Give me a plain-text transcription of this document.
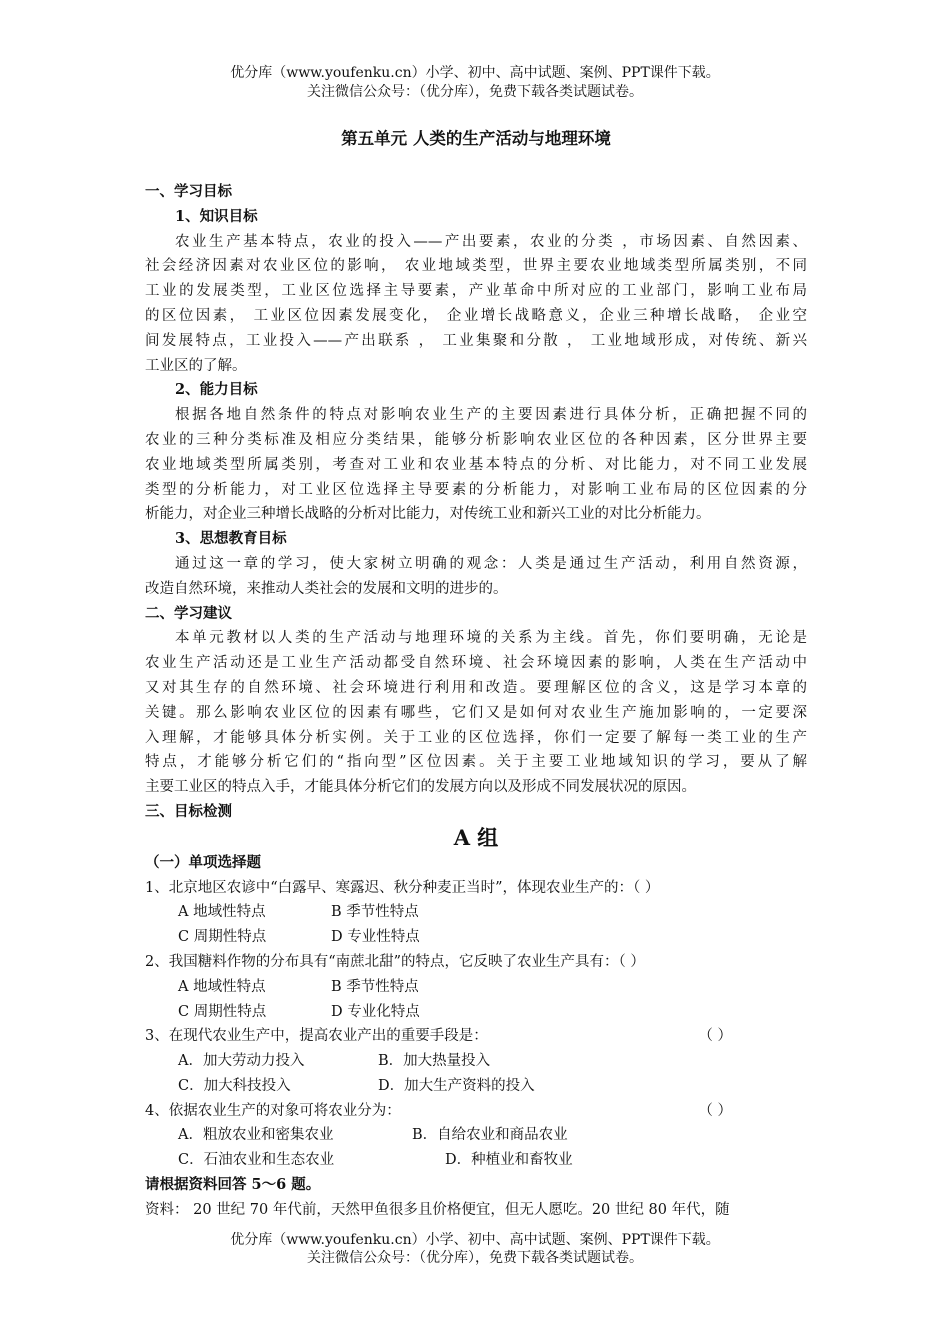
优分库（www.youfenku.cn）小学、初中、高中试题、案例、PPT课件下载。
关注微信公众号：（优分库），免费下载各类试题试卷。
第五单元 人类的生产活动与地理环境
一、学习目标
1、知识目标
农业生产基本特点，农业的投入——产出要素，农业的分类 ，市场因素、自然因素、
社会经济因素对农业区位的影响， 农业地域类型，世界主要农业地域类型所属类别，不同
工业的发展类型，工业区位选择主导要素，产业革命中所对应的工业部门，影响工业布局
的区位因素， 工业区位因素发展变化， 企业增长战略意义，企业三种增长战略， 企业空
间发展特点，工业投入——产出联系 ， 工业集聚和分散 ， 工业地域形成，对传统、新兴
工业区的了解。
2、能力目标
根据各地自然条件的特点对影响农业生产的主要因素进行具体分析，正确把握不同的
农业的三种分类标准及相应分类结果，能够分析影响农业区位的各种因素，区分世界主要
农业地域类型所属类别，考查对工业和农业基本特点的分析、对比能力，对不同工业发展
类型的分析能力，对工业区位选择主导要素的分析能力，对影响工业布局的区位因素的分
析能力，对企业三种增长战略的分析对比能力，对传统工业和新兴工业的对比分析能力。
3、思想教育目标
通过这一章的学习，使大家树立明确的观念：人类是通过生产活动，利用自然资源，
改造自然环境，来推动人类社会的发展和文明的进步的。
二、学习建议
本单元教材以人类的生产活动与地理环境的关系为主线。首先，你们要明确，无论是
农业生产活动还是工业生产活动都受自然环境、社会环境因素的影响，人类在生产活动中
又对其生存的自然环境、社会环境进行利用和改造。要理解区位的含义，这是学习本章的
关键。那么影响农业区位的因素有哪些，它们又是如何对农业生产施加影响的，一定要深
入理解，才能够具体分析实例。关于工业的区位选择，你们一定要了解每一类工业的生产
特点，才能够分析它们的“指向型”区位因素。关于主要工业地域知识的学习，要从了解
主要工业区的特点入手，才能具体分析它们的发展方向以及形成不同发展状况的原因。
三、目标检测
A 组
（一）单项选择题
1、北京地区农谚中“白露早、寒露迟、秋分种麦正当时”，体现农业生产的：（ ）
A 地域性特点	B 季节性特点
C 周期性特点	D 专业性特点
2、我国糖料作物的分布具有“南蔗北甜”的特点，它反映了农业生产具有：（ ）
A 地域性特点	B 季节性特点
C 周期性特点	D 专业化特点
3、在现代农业生产中，提高农业产出的重要手段是：	（ ）
A．加大劳动力投入	B．加大热量投入
C．加大科技投入	D．加大生产资料的投入
4、依据农业生产的对象可将农业分为：	（ ）
A．粗放农业和密集农业	B．自给农业和商品农业
C．石油农业和生态农业	D．种植业和畜牧业
请根据资料回答 5～6 题。
资料： 20 世纪 70 年代前，天然甲鱼很多且价格便宜，但无人愿吃。20 世纪 80 年代，随
优分库（www.youfenku.cn）小学、初中、高中试题、案例、PPT课件下载。
关注微信公众号：（优分库），免费下载各类试题试卷。
